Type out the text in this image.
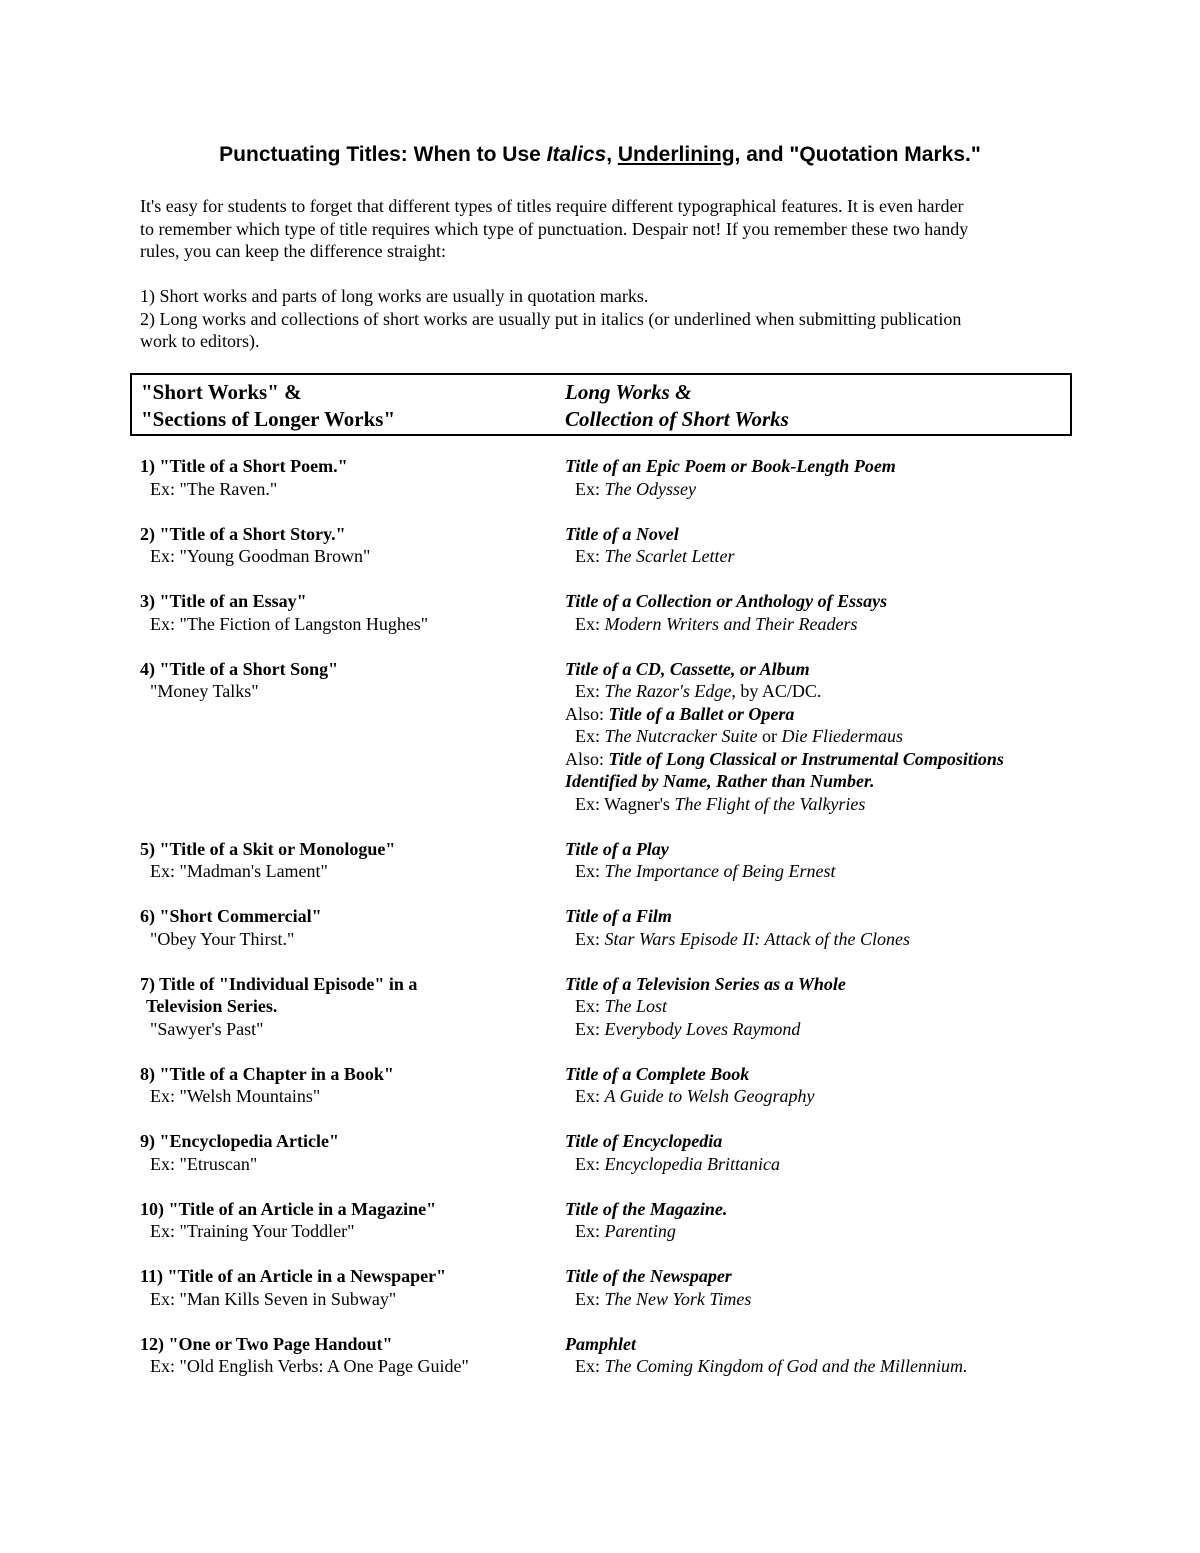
Punctuating Titles: When to Use Italics, Underlining, and "Quotation Marks."

It's easy for students to forget that different types of titles require different typographical features. It is even harder

to remember which type of title requires which type of punctuation. Despair not! If you remember these two handy

rules, you can keep the difference straight:

1) Short works and parts of long works are usually in quotation marks.

2) Long works and collections of short works are usually put in italics (or underlined when submitting publication

work to editors).

"Short Works" &
"Sections of Longer Works"
Long Works &
Collection of Short Works
1) "Title of a Short Poem."
Ex: "The Raven."
Title of an Epic Poem or Book-Length Poem
Ex: The Odyssey
2) "Title of a Short Story."
Ex: "Young Goodman Brown"
Title of a Novel
Ex: The Scarlet Letter
3) "Title of an Essay"
Ex: "The Fiction of Langston Hughes"
Title of a Collection or Anthology of Essays
Ex: Modern Writers and Their Readers
4) "Title of a Short Song"
"Money Talks"
Title of a CD, Cassette, or Album
Ex: The Razor's Edge, by AC/DC.
Also: Title of a Ballet or Opera
Ex: The Nutcracker Suite or Die Fliedermaus
Also: Title of Long Classical or Instrumental Compositions
Identified by Name, Rather than Number.
Ex: Wagner's The Flight of the Valkyries
5) "Title of a Skit or Monologue"
Ex: "Madman's Lament"
Title of a Play
Ex: The Importance of Being Ernest
6) "Short Commercial"
"Obey Your Thirst."
Title of a Film
Ex: Star Wars Episode II: Attack of the Clones
7) Title of "Individual Episode" in a
Television Series.
"Sawyer's Past"
Title of a Television Series as a Whole
Ex: The Lost
Ex: Everybody Loves Raymond
8) "Title of a Chapter in a Book"
Ex: "Welsh Mountains"
Title of a Complete Book
Ex: A Guide to Welsh Geography
9) "Encyclopedia Article"
Ex: "Etruscan"
Title of Encyclopedia
Ex: Encyclopedia Brittanica
10) "Title of an Article in a Magazine"
Ex: "Training Your Toddler"
Title of the Magazine.
Ex: Parenting
11) "Title of an Article in a Newspaper"
Ex: "Man Kills Seven in Subway"
Title of the Newspaper
Ex: The New York Times
12) "One or Two Page Handout"
Ex: "Old English Verbs: A One Page Guide"
Pamphlet
Ex: The Coming Kingdom of God and the Millennium.
